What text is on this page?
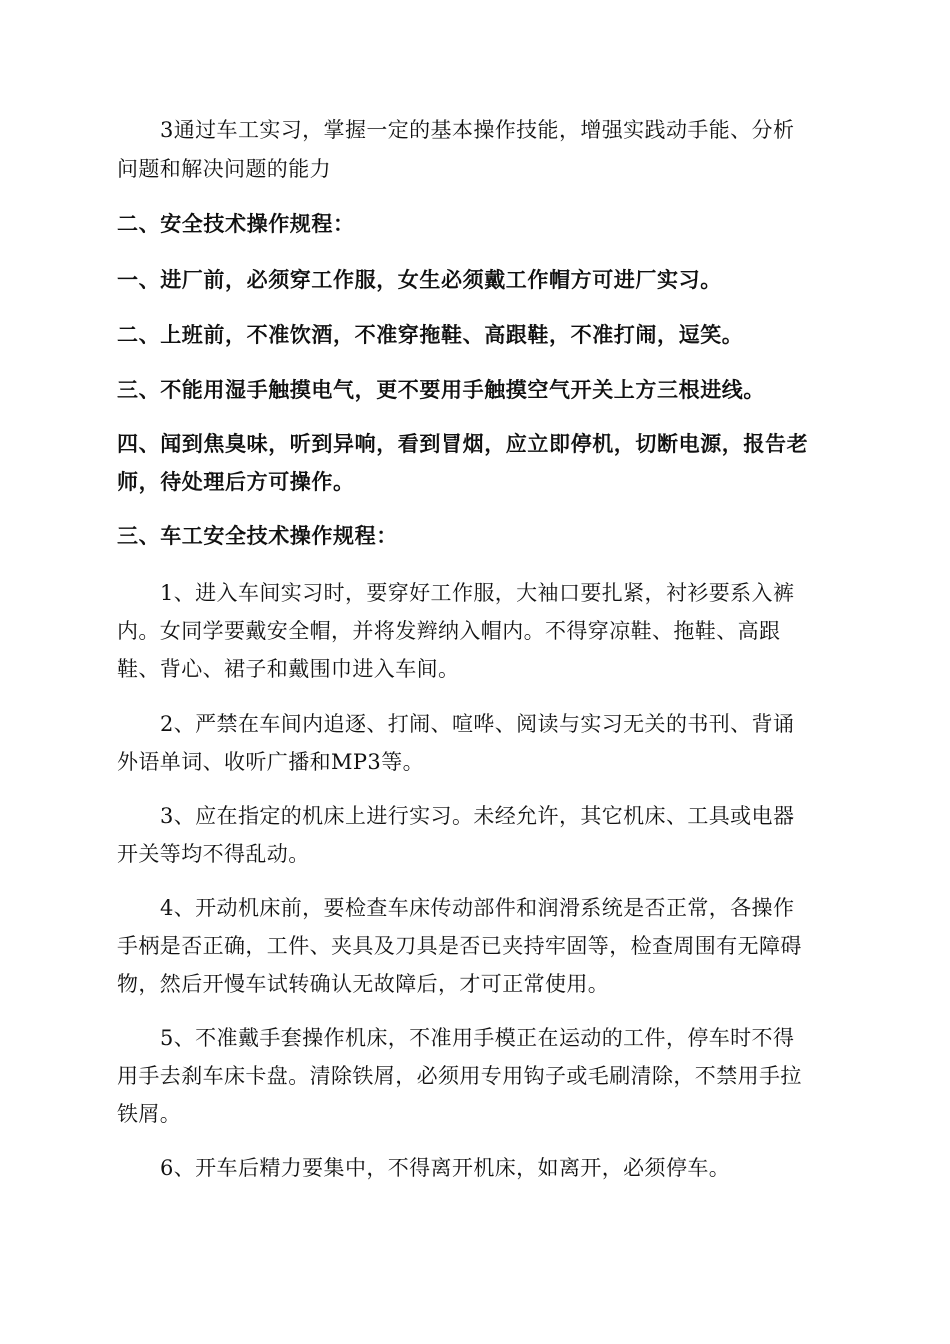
3通过车工实习，掌握一定的基本操作技能，增强实践动手能、分析
问题和解决问题的能力
二、安全技术操作规程：
一、进厂前，必须穿工作服，女生必须戴工作帽方可进厂实习。
二、上班前，不准饮酒，不准穿拖鞋、高跟鞋，不准打闹，逗笑。
三、不能用湿手触摸电气，更不要用手触摸空气开关上方三根进线。
四、闻到焦臭味，听到异响，看到冒烟，应立即停机，切断电源，报告老
师，待处理后方可操作。
三、车工安全技术操作规程：
1、进入车间实习时，要穿好工作服，大袖口要扎紧，衬衫要系入裤
内。女同学要戴安全帽，并将发辫纳入帽内。不得穿凉鞋、拖鞋、高跟
鞋、背心、裙子和戴围巾进入车间。
2、严禁在车间内追逐、打闹、喧哗、阅读与实习无关的书刊、背诵
外语单词、收听广播和MP3等。
3、应在指定的机床上进行实习。未经允许，其它机床、工具或电器
开关等均不得乱动。
4、开动机床前，要检查车床传动部件和润滑系统是否正常，各操作
手柄是否正确，工件、夹具及刀具是否已夹持牢固等，检查周围有无障碍
物，然后开慢车试转确认无故障后，才可正常使用。
5、不准戴手套操作机床，不准用手模正在运动的工件，停车时不得
用手去刹车床卡盘。清除铁屑，必须用专用钩子或毛刷清除，不禁用手拉
铁屑。
6、开车后精力要集中，不得离开机床，如离开，必须停车。
